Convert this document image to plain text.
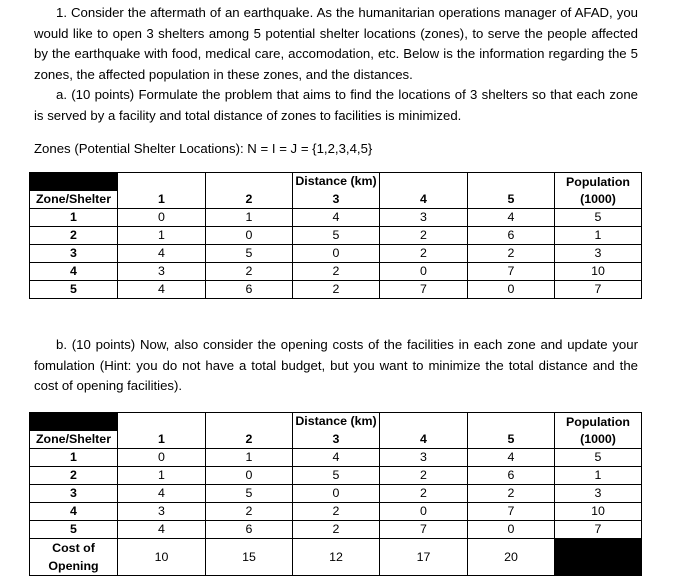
1. Consider the aftermath of an earthquake. As the humanitarian operations manager of AFAD, you would like to open 3 shelters among 5 potential shelter locations (zones), to serve the people affected by the earthquake with food, medical care, accomodation, etc. Below is the information regarding the 5 zones, the affected population in these zones, and the distances.

a. (10 points) Formulate the problem that aims to find the locations of 3 shelters so that each zone is served by a facility and total distance of zones to facilities is minimized.

Zones (Potential Shelter Locations): N = I = J = {1,2,3,4,5}

			Distance (km)			Population (1000)
Zone/Shelter	1	2	3	4	5	
1	0	1	4	3	4	5
2	1	0	5	2	6	1
3	4	5	0	2	2	3
4	3	2	2	0	7	10
5	4	6	2	7	0	7

b. (10 points) Now, also consider the opening costs of the facilities in each zone and update your fomulation (Hint: you do not have a total budget, but you want to minimize the total distance and the cost of opening facilities).

			Distance (km)			Population (1000)
Zone/Shelter	1	2	3	4	5	
1	0	1	4	3	4	5
2	1	0	5	2	6	1
3	4	5	0	2	2	3
4	3	2	2	0	7	10
5	4	6	2	7	0	7
Cost of Opening	10	15	12	17	20	
